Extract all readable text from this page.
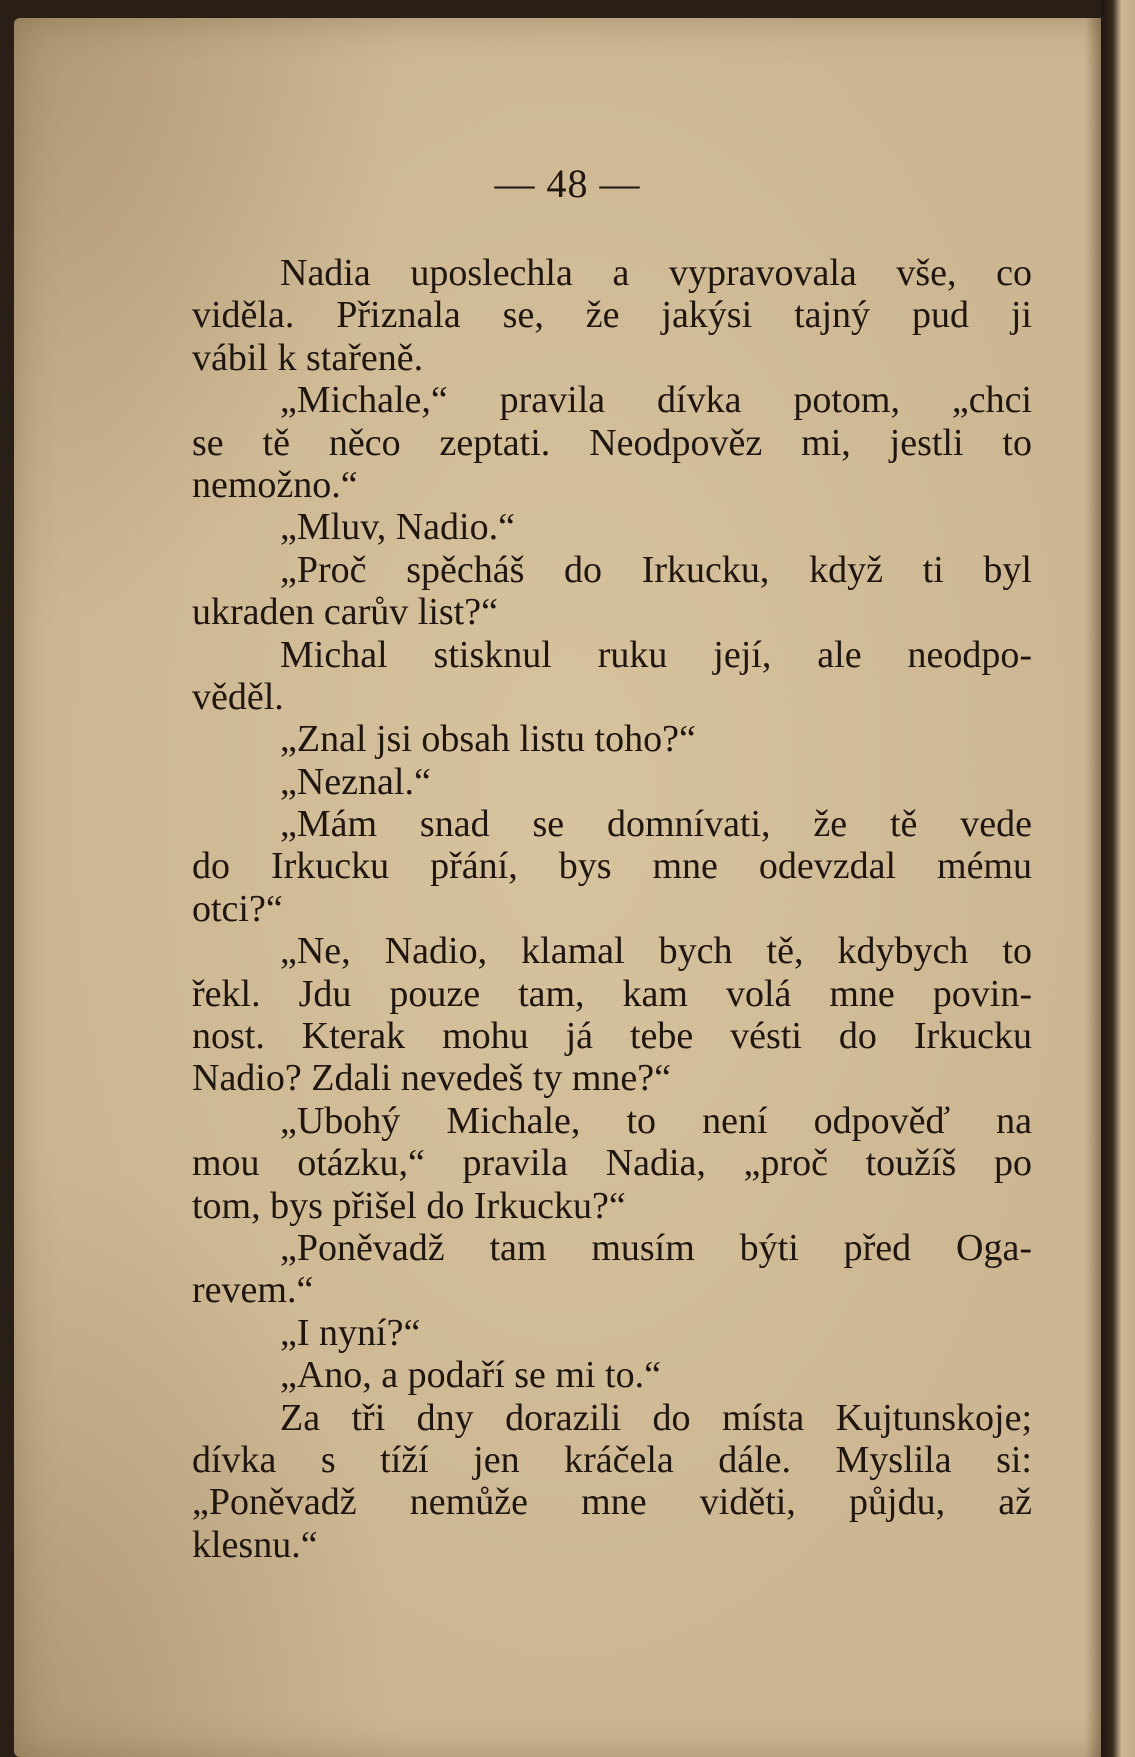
— 48 —
Nadia uposlechla a vypravovala vše, co
viděla. Přiznala se, že jakýsi tajný pud ji
vábil k stařeně.
„Michale,“ pravila dívka potom, „chci
se tě něco zeptati. Neodpověz mi, jestli to
nemožno.“
„Mluv, Nadio.“
„Proč spěcháš do Irkucku, když ti byl
ukraden carův list?“
Michal stisknul ruku její, ale neodpo-
věděl.
„Znal jsi obsah listu toho?“
„Neznal.“
„Mám snad se domnívati, že tě vede
do Irkucku přání, bys mne odevzdal mému
otci?“
„Ne, Nadio, klamal bych tě, kdybych to
řekl. Jdu pouze tam, kam volá mne povin-
nost. Kterak mohu já tebe vésti do Irkucku
Nadio? Zdali nevedeš ty mne?“
„Ubohý Michale, to není odpověď na
mou otázku,“ pravila Nadia, „proč toužíš po
tom, bys přišel do Irkucku?“
„Poněvadž tam musím býti před Oga-
revem.“
„I nyní?“
„Ano, a podaří se mi to.“
Za tři dny dorazili do místa Kujtunskoje;
dívka s tíží jen kráčela dále. Myslila si:
„Poněvadž nemůže mne viděti, půjdu, až
klesnu.“
